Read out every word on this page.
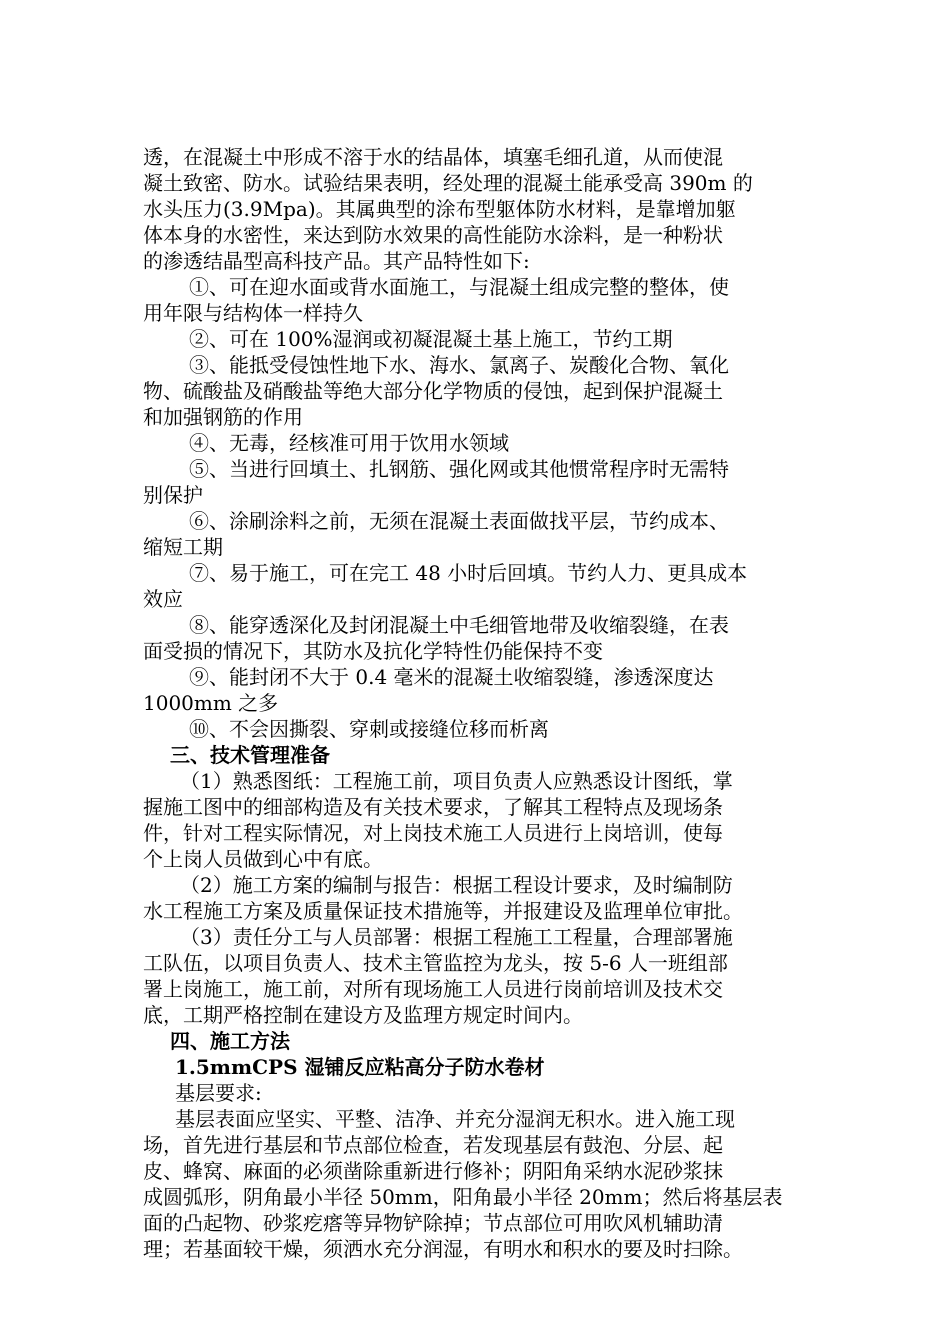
透，在混凝土中形成不溶于水的结晶体，填塞毛细孔道，从而使混
凝土致密、防水。试验结果表明，经处理的混凝土能承受高 390m 的
水头压力(3.9Mpa)。其属典型的涂布型躯体防水材料，是靠增加躯
体本身的水密性，来达到防水效果的高性能防水涂料，是一种粉状
的渗透结晶型高科技产品。其产品特性如下:
①、可在迎水面或背水面施工，与混凝土组成完整的整体，使
用年限与结构体一样持久
②、可在 100%湿润或初凝混凝土基上施工，节约工期
③、能抵受侵蚀性地下水、海水、氯离子、炭酸化合物、氧化
物、硫酸盐及硝酸盐等绝大部分化学物质的侵蚀，起到保护混凝土
和加强钢筋的作用
④、无毒，经核准可用于饮用水领域
⑤、当进行回填土、扎钢筋、强化网或其他惯常程序时无需特
别保护
⑥、涂刷涂料之前，无须在混凝土表面做找平层，节约成本、
缩短工期
⑦、易于施工，可在完工 48 小时后回填。节约人力、更具成本
效应
⑧、能穿透深化及封闭混凝土中毛细管地带及收缩裂缝，在表
面受损的情况下，其防水及抗化学特性仍能保持不变
⑨、能封闭不大于 0.4 毫米的混凝土收缩裂缝，渗透深度达
1000mm 之多
⑩、不会因撕裂、穿刺或接缝位移而析离
三、技术管理准备
（1）熟悉图纸：工程施工前，项目负责人应熟悉设计图纸，掌
握施工图中的细部构造及有关技术要求，了解其工程特点及现场条
件，针对工程实际情况，对上岗技术施工人员进行上岗培训，使每
个上岗人员做到心中有底。
（2）施工方案的编制与报告：根据工程设计要求，及时编制防
水工程施工方案及质量保证技术措施等，并报建设及监理单位审批。
（3）责任分工与人员部署：根据工程施工工程量，合理部署施
工队伍，以项目负责人、技术主管监控为龙头，按 5-6 人一班组部
署上岗施工，施工前，对所有现场施工人员进行岗前培训及技术交
底，工期严格控制在建设方及监理方规定时间内。
四、施工方法
1.5mmCPS 湿铺反应粘高分子防水卷材
基层要求:
基层表面应坚实、平整、洁净、并充分湿润无积水。进入施工现
场，首先进行基层和节点部位检查，若发现基层有鼓泡、分层、起
皮、蜂窝、麻面的必须凿除重新进行修补；阴阳角采纳水泥砂浆抹
成圆弧形，阴角最小半径 50mm，阳角最小半径 20mm；然后将基层表
面的凸起物、砂浆疙瘩等异物铲除掉；节点部位可用吹风机辅助清
理；若基面较干燥，须洒水充分润湿，有明水和积水的要及时扫除。
